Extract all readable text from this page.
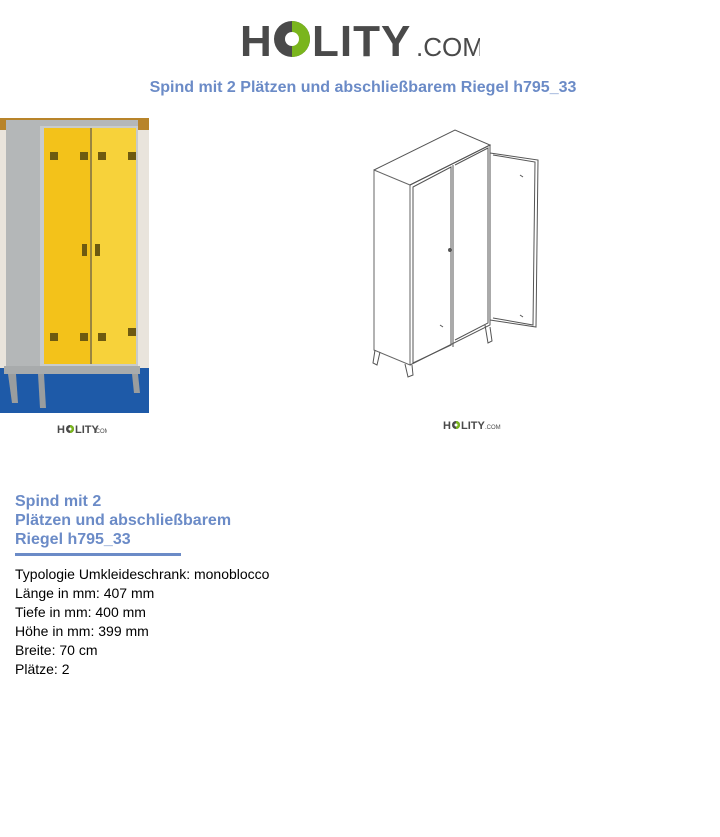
H LITY .COM
Spind mit 2 Plätzen und abschließbarem Riegel h795_33
H LITY
.CO	H LITY .COM
Spind mit 2
Plätzen und abschließbarem
Riegel h795_33
Typologie Umkleideschrank: monoblocco
Länge in mm: 407 mm
Tiefe in mm: 400 mm
Höhe in mm: 399 mm
Breite: 70 cm
Plätze: 2
